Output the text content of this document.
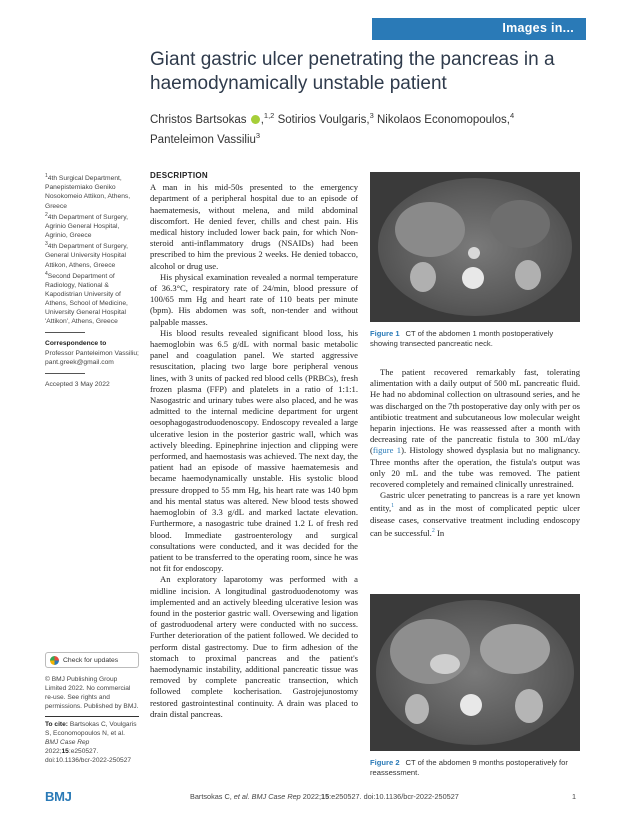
Images in...
Giant gastric ulcer penetrating the pancreas in a haemodynamically unstable patient
Christos Bartsokas ,$^{1,2}$ Sotirios Voulgaris,$^3$ Nikolaos Economopoulos,$^4$
Panteleimon Vassiliu$^3$
$^1$4th Surgical Department, Panepistemiako Geniko Nosokomeio Attikon, Athens, Greece
$^2$4th Department of Surgery, Agrinio General Hospital, Agrinio, Greece
$^3$4th Department of Surgery, General University Hospital Attikon, Athens, Greece
$^4$Second Department of Radiology, National & Kapodistrian University of Athens, School of Medicine, University General Hospital 'Attikon', Athens, Greece
Correspondence to
Professor Panteleimon Vassiliu;
pant.greek@gmail.com
Accepted 3 May 2022
Check for updates
© BMJ Publishing Group Limited 2022. No commercial re-use. See rights and permissions. Published by BMJ.
To cite: Bartsokas C, Voulgaris S, Economopoulos N, et al. BMJ Case Rep 2022;15:e250527. doi:10.1136/bcr-2022-250527
DESCRIPTION

A man in his mid-50s presented to the emergency department of a peripheral hospital due to an episode of haematemesis, without melena, and mild abdominal discomfort. He denied fever, chills and chest pain. His medical history included lower back pain, for which Non-steroid anti-inflammatory drugs (NSAIDs) had been prescribed to him the previous 2 weeks. He denied tobacco, alcohol or drug use.

His physical examination revealed a normal temperature of 36.3°C, respiratory rate of 24/min, blood pressure of 100/65 mm Hg and heart rate of 110 beats per minute (bpm). His abdomen was soft, non-tender and without palpable masses.

His blood results revealed significant blood loss, his haemoglobin was 6.5 g/dL with normal basic metabolic panel and coagulation panel. We started aggressive resuscitation, placing two large bore peripheral venous lines, with 3 units of packed red blood cells (PRBCs), fresh frozen plasma (FFP) and platelets in a ratio of 1:1:1. Nasogastric and urinary tubes were also placed, and he was admitted to the internal medicine department for urgent oesophagogastroduodenoscopy. Endoscopy revealed a large ulcerative lesion in the posterior gastric wall, which was actively bleeding. Epinephrine injection and clipping were performed, and haemostasis was achieved. The next day, the patient had an episode of massive haematemesis and became haemodynamically unstable. His systolic blood pressure dropped to 55 mm Hg, his heart rate was 140 bpm and his mental status was altered. New blood tests showed haemoglobin of 3.3 g/dL and marked lactate elevation. Furthermore, a nasogastric tube drained 1.2 L of fresh red blood. Immediate gastroenterology and surgical consultations were conducted, and it was decided for the patient to be transferred to the operating room, since he was not fit for endoscopy.

An exploratory laparotomy was performed with a midline incision. A longitudinal gastroduodenotomy was implemented and an actively bleeding ulcerative lesion was found in the posterior gastric wall. Oversewing and ligation of gastroduodenal artery were conducted with no success. Further deterioration of the patient followed. We decided to perform distal gastrectomy. Due to firm adhesion of the stomach to proximal pancreas and the patient's haemodynamic instability, additional pancreatic tissue was removed by complete pancreatic transection, which followed complete kocherisation. Gastrojejunostomy restored gastrointestinal continuity. A drain was placed to drain distal pancreas.

Figure 1 CT of the abdomen 1 month postoperatively showing transected pancreatic neck.

The patient recovered remarkably fast, tolerating alimentation with a daily output of 500 mL pancreatic fluid. He had no abdominal collection on ultrasound series, and he was discharged on the 7th postoperative day only with per os antibiotic treatment and subcutaneous low molecular weight heparin injections. He was reassessed after a month with decreasing rate of the pancreatic fistula to 300 mL/day (figure 1). Histology showed dysplasia but no malignancy. Three months after the operation, the fistula's output was only 20 mL and the tube was removed. The patient recovered completely and remained clinically unrestrained.

Gastric ulcer penetrating to pancreas is a rare yet known entity,$^1$ and as in the most of complicated peptic ulcer disease cases, conservative treatment including endoscopy can be successful.$^2$ In

Figure 2 CT of the abdomen 9 months postoperatively for reassessment.
BMJ	Bartsokas C, et al. BMJ Case Rep 2022;15:e250527. doi:10.1136/bcr-2022-250527	1
